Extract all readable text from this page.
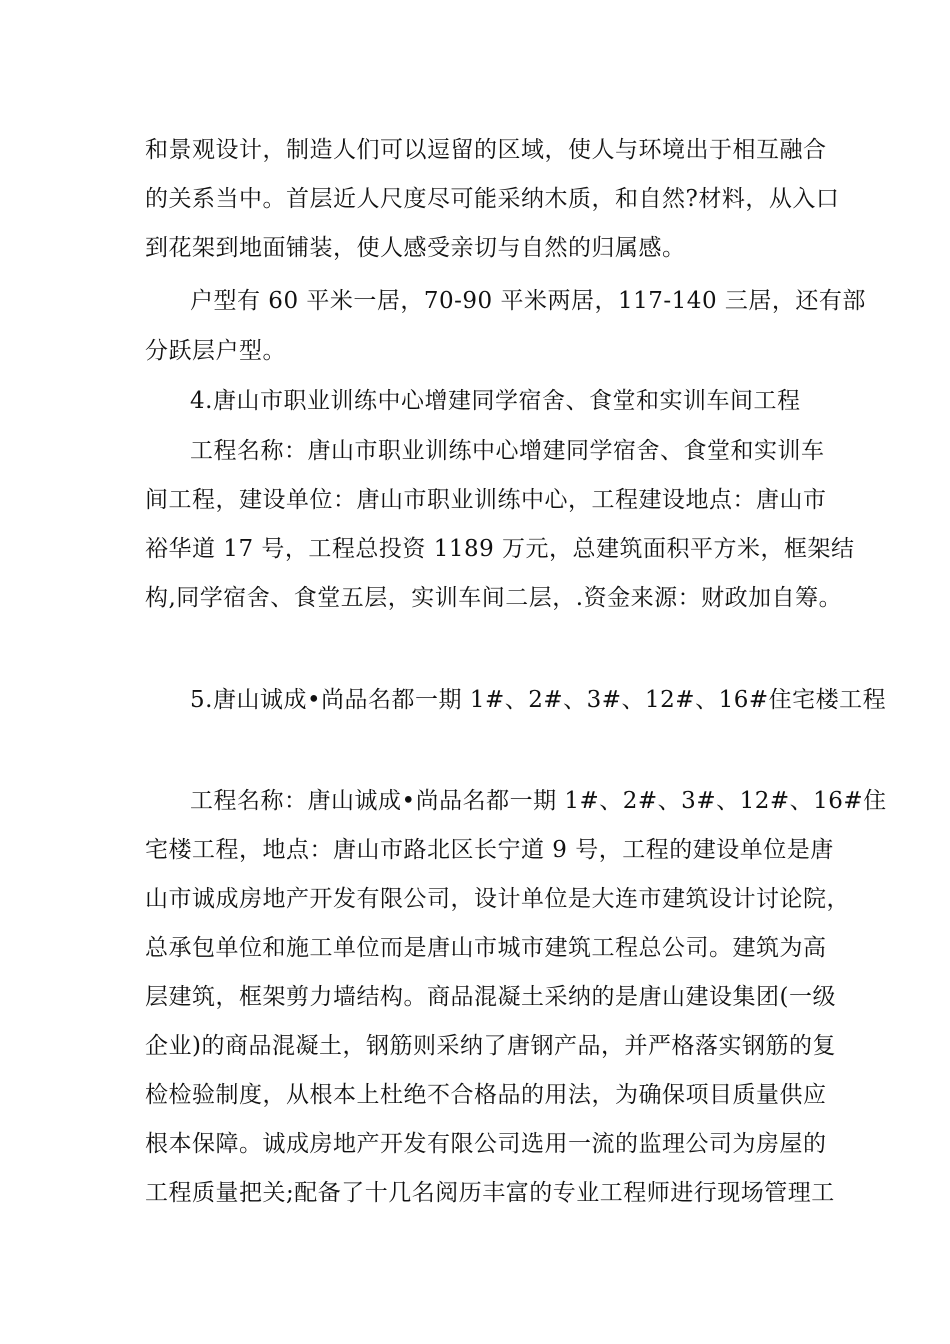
和景观设计，制造人们可以逗留的区域，使人与环境出于相互融合
的关系当中。首层近人尺度尽可能采纳木质，和自然?材料，从入口
到花架到地面铺装，使人感受亲切与自然的归属感。
户型有 60 平米一居，70-90 平米两居，117-140 三居，还有部
分跃层户型。
4.唐山市职业训练中心增建同学宿舍、食堂和实训车间工程
工程名称：唐山市职业训练中心增建同学宿舍、食堂和实训车
间工程，建设单位：唐山市职业训练中心，工程建设地点：唐山市
裕华道 17 号，工程总投资 1189 万元，总建筑面积平方米，框架结
构,同学宿舍、食堂五层，实训车间二层，.资金来源：财政加自筹。
5.唐山诚成•尚品名都一期 1#、2#、3#、12#、16#住宅楼工程
工程名称：唐山诚成•尚品名都一期 1#、2#、3#、12#、16#住
宅楼工程，地点：唐山市路北区长宁道 9 号，工程的建设单位是唐
山市诚成房地产开发有限公司，设计单位是大连市建筑设计讨论院，
总承包单位和施工单位而是唐山市城市建筑工程总公司。建筑为高
层建筑，框架剪力墙结构。商品混凝土采纳的是唐山建设集团(一级
企业)的商品混凝土，钢筋则采纳了唐钢产品，并严格落实钢筋的复
检检验制度，从根本上杜绝不合格品的用法，为确保项目质量供应
根本保障。诚成房地产开发有限公司选用一流的监理公司为房屋的
工程质量把关;配备了十几名阅历丰富的专业工程师进行现场管理工
